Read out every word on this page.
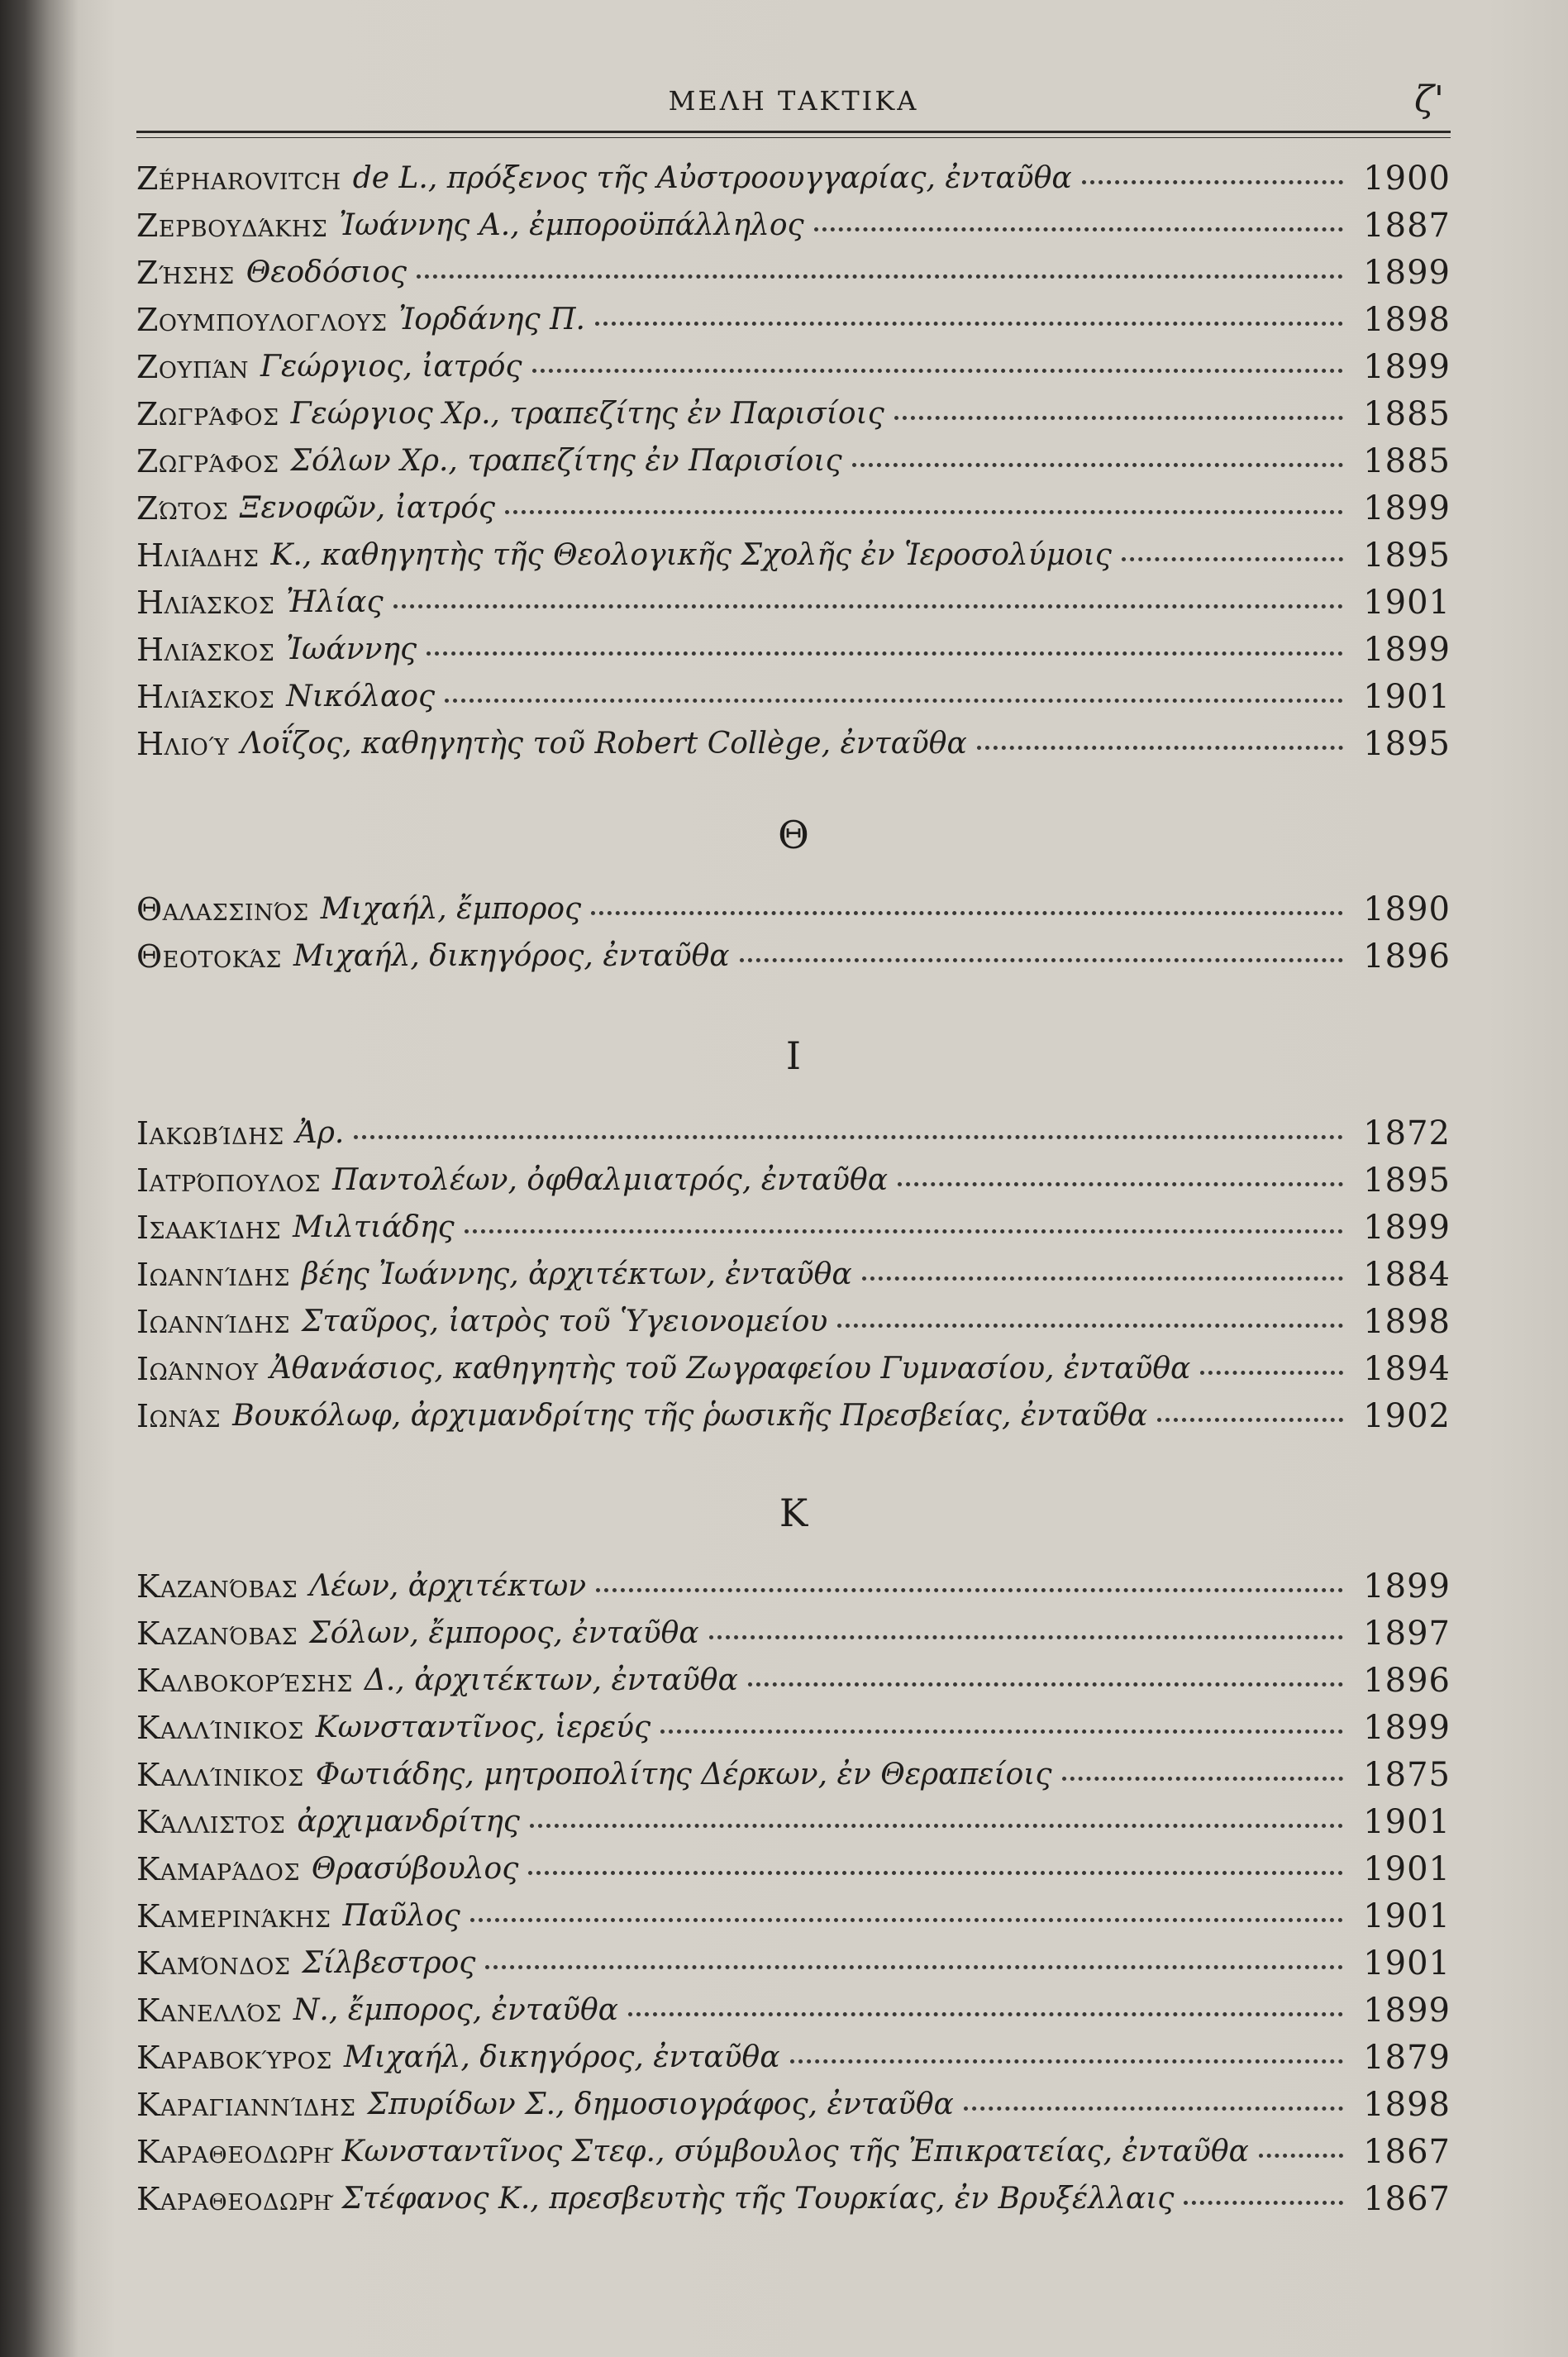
ΜΕΛΗ ΤΑΚΤΙΚΑ	ζ'
Zépharovitch de L., πρόξενος τῆς Αὐστροουγγαρίας, ἐνταῦθα	1900
Ζερβουδάκης Ἰωάννης Α., ἐμποροϋπάλληλος	1887
Ζήσης Θεοδόσιος	1899
Ζουμπουλογλους Ἰορδάνης Π.	1898
Ζουπάν Γεώργιος, ἰατρός	1899
Ζωγράφος Γεώργιος Χρ., τραπεζίτης ἐν Παρισίοις	1885
Ζωγράφος Σόλων Χρ., τραπεζίτης ἐν Παρισίοις	1885
Ζώτος Ξενοφῶν, ἰατρός	1899
Ηλιάδης Κ., καθηγητὴς τῆς Θεολογικῆς Σχολῆς ἐν Ἱεροσολύμοις	1895
Ηλιάσκος Ἠλίας	1901
Ηλιάσκος Ἰωάννης	1899
Ηλιάσκος Νικόλαος	1901
Ηλιού Λοΐζος, καθηγητὴς τοῦ Robert Collège, ἐνταῦθα	1895
Θ
Θαλασσινός Μιχαήλ, ἔμπορος	1890
Θεοτοκάς Μιχαήλ, δικηγόρος, ἐνταῦθα	1896
Ι
Ιακωβίδης Ἀρ.	1872
Ιατρόπουλος Παντολέων, ὀφθαλμιατρός, ἐνταῦθα	1895
Ισαακίδης Μιλτιάδης	1899
Ιωαννίδης βέης Ἰωάννης, ἀρχιτέκτων, ἐνταῦθα	1884
Ιωαννίδης Σταῦρος, ἰατρὸς τοῦ Ὑγειονομείου	1898
Ιωάννου Ἀθανάσιος, καθηγητὴς τοῦ Ζωγραφείου Γυμνασίου, ἐνταῦθα	1894
Ιωνάς Βουκόλωφ, ἀρχιμανδρίτης τῆς ῥωσικῆς Πρεσβείας, ἐνταῦθα	1902
Κ
Καζανόβας Λέων, ἀρχιτέκτων	1899
Καζανόβας Σόλων, ἔμπορος, ἐνταῦθα	1897
Καλβοκορέσης Δ., ἀρχιτέκτων, ἐνταῦθα	1896
Καλλίνικος Κωνσταντῖνος, ἱερεύς	1899
Καλλίνικος Φωτιάδης, μητροπολίτης Δέρκων, ἐν Θεραπείοις	1875
Κάλλιστος ἀρχιμανδρίτης	1901
Καμαράδος Θρασύβουλος	1901
Καμερινάκης Παῦλος	1901
Καμόνδος Σίλβεστρος	1901
Κανελλός Ν., ἔμπορος, ἐνταῦθα	1899
Καραβοκύρος Μιχαήλ, δικηγόρος, ἐνταῦθα	1879
Καραγιαννίδης Σπυρίδων Σ., δημοσιογράφος, ἐνταῦθα	1898
Καραθεοδωρῆ Κωνσταντῖνος Στεφ., σύμβουλος τῆς Ἐπικρατείας, ἐνταῦθα	1867
Καραθεοδωρῆ Στέφανος Κ., πρεσβευτὴς τῆς Τουρκίας, ἐν Βρυξέλλαις	1867
